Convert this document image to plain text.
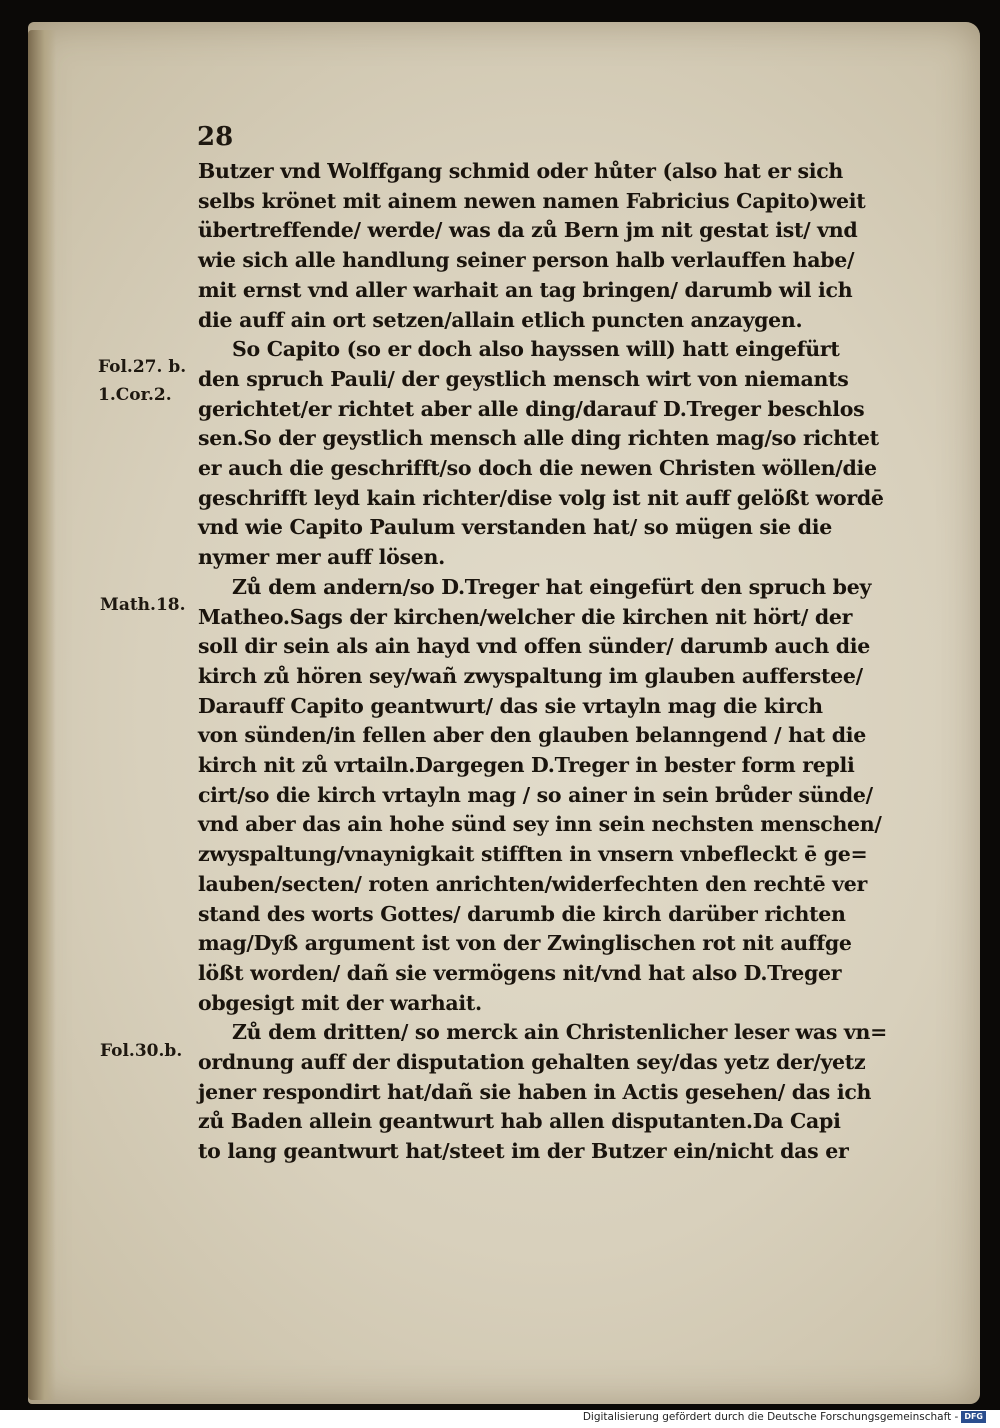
28
Fol.27. b.
1.Cor.2.
Math.18.
Fol.30.b.
Butzer vnd Wolffgang schmid oder hůter (also hat er sich
selbs krönet mit ainem newen namen Fabricius Capito)weit
übertreffende/ werde/ was da zů Bern jm nit gestat ist/ vnd
wie sich alle handlung seiner person halb verlauffen habe/
mit ernst vnd aller warhait an tag bringen/ darumb wil ich
die auff ain ort setzen/allain etlich puncten anzaygen.
So Capito (so er doch also hayssen will) hatt eingefürt
den spruch Pauli/ der geystlich mensch wirt von niemants
gerichtet/er richtet aber alle ding/darauf D.Treger beschlos
sen.So der geystlich mensch alle ding richten mag/so richtet
er auch die geschrifft/so doch die newen Christen wöllen/die
geschrifft leyd kain richter/dise volg ist nit auff gelößt wordē
vnd wie Capito Paulum verstanden hat/ so mügen sie die
nymer mer auff lösen.
Zů dem andern/so D.Treger hat eingefürt den spruch bey
Matheo.Sags der kirchen/welcher die kirchen nit hört/ der
soll dir sein als ain hayd vnd offen sünder/ darumb auch die
kirch zů hören sey/wañ zwyspaltung im glauben aufferstee/
Darauff Capito geantwurt/ das sie vrtayln mag die kirch
von sünden/in fellen aber den glauben belanngend / hat die
kirch nit zů vrtailn.Dargegen D.Treger in bester form repli
cirt/so die kirch vrtayln mag / so ainer in sein brůder sünde/
vnd aber das ain hohe sünd sey inn sein nechsten menschen/
zwyspaltung/vnaynigkait stifften in vnsern vnbefleckt ē ge=
lauben/secten/ roten anrichten/widerfechten den rechtē ver
stand des worts Gottes/ darumb die kirch darüber richten
mag/Dyß argument ist von der Zwinglischen rot nit auffge
lößt worden/ dañ sie vermögens nit/vnd hat also D.Treger
obgesigt mit der warhait.
Zů dem dritten/ so merck ain Christenlicher leser was vn=
ordnung auff der disputation gehalten sey/das yetz der/yetz
jener respondirt hat/dañ sie haben in Actis gesehen/ das ich
zů Baden allein geantwurt hab allen disputanten.Da Capi
to lang geantwurt hat/steet im der Butzer ein/nicht das er
Digitalisierung gefördert durch die Deutsche Forschungsgemeinschaft - DFG
